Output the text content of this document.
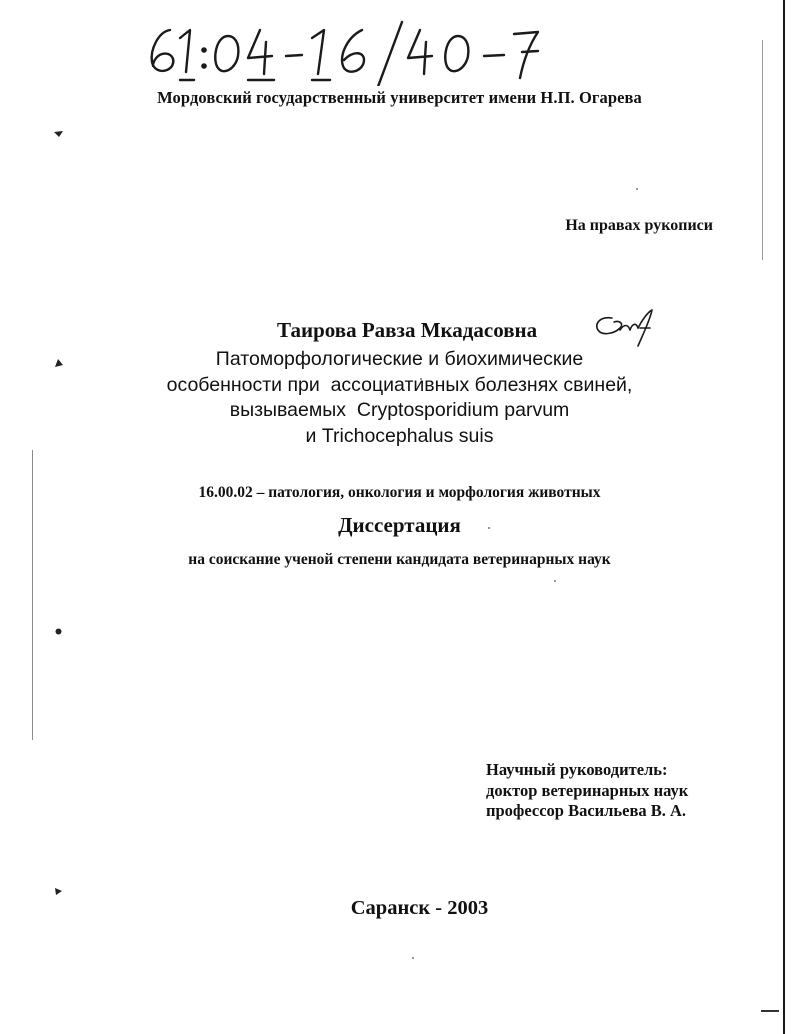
Мордовский государственный университет имени Н.П. Огарева
На правах рукописи
Таирова Равза Мкадасовна
Патоморфологические и биохимические
особенности при  ассоциативных болезнях свиней,
вызываемых  Cryptosporidium parvum
и Trichocephalus suis
16.00.02 – патология, онкология и морфология животных
Диссертация
на соискание ученой степени кандидата ветеринарных наук
Научный руководитель:
доктор ветеринарных наук
профессор Васильева В. А.
Саранск - 2003
